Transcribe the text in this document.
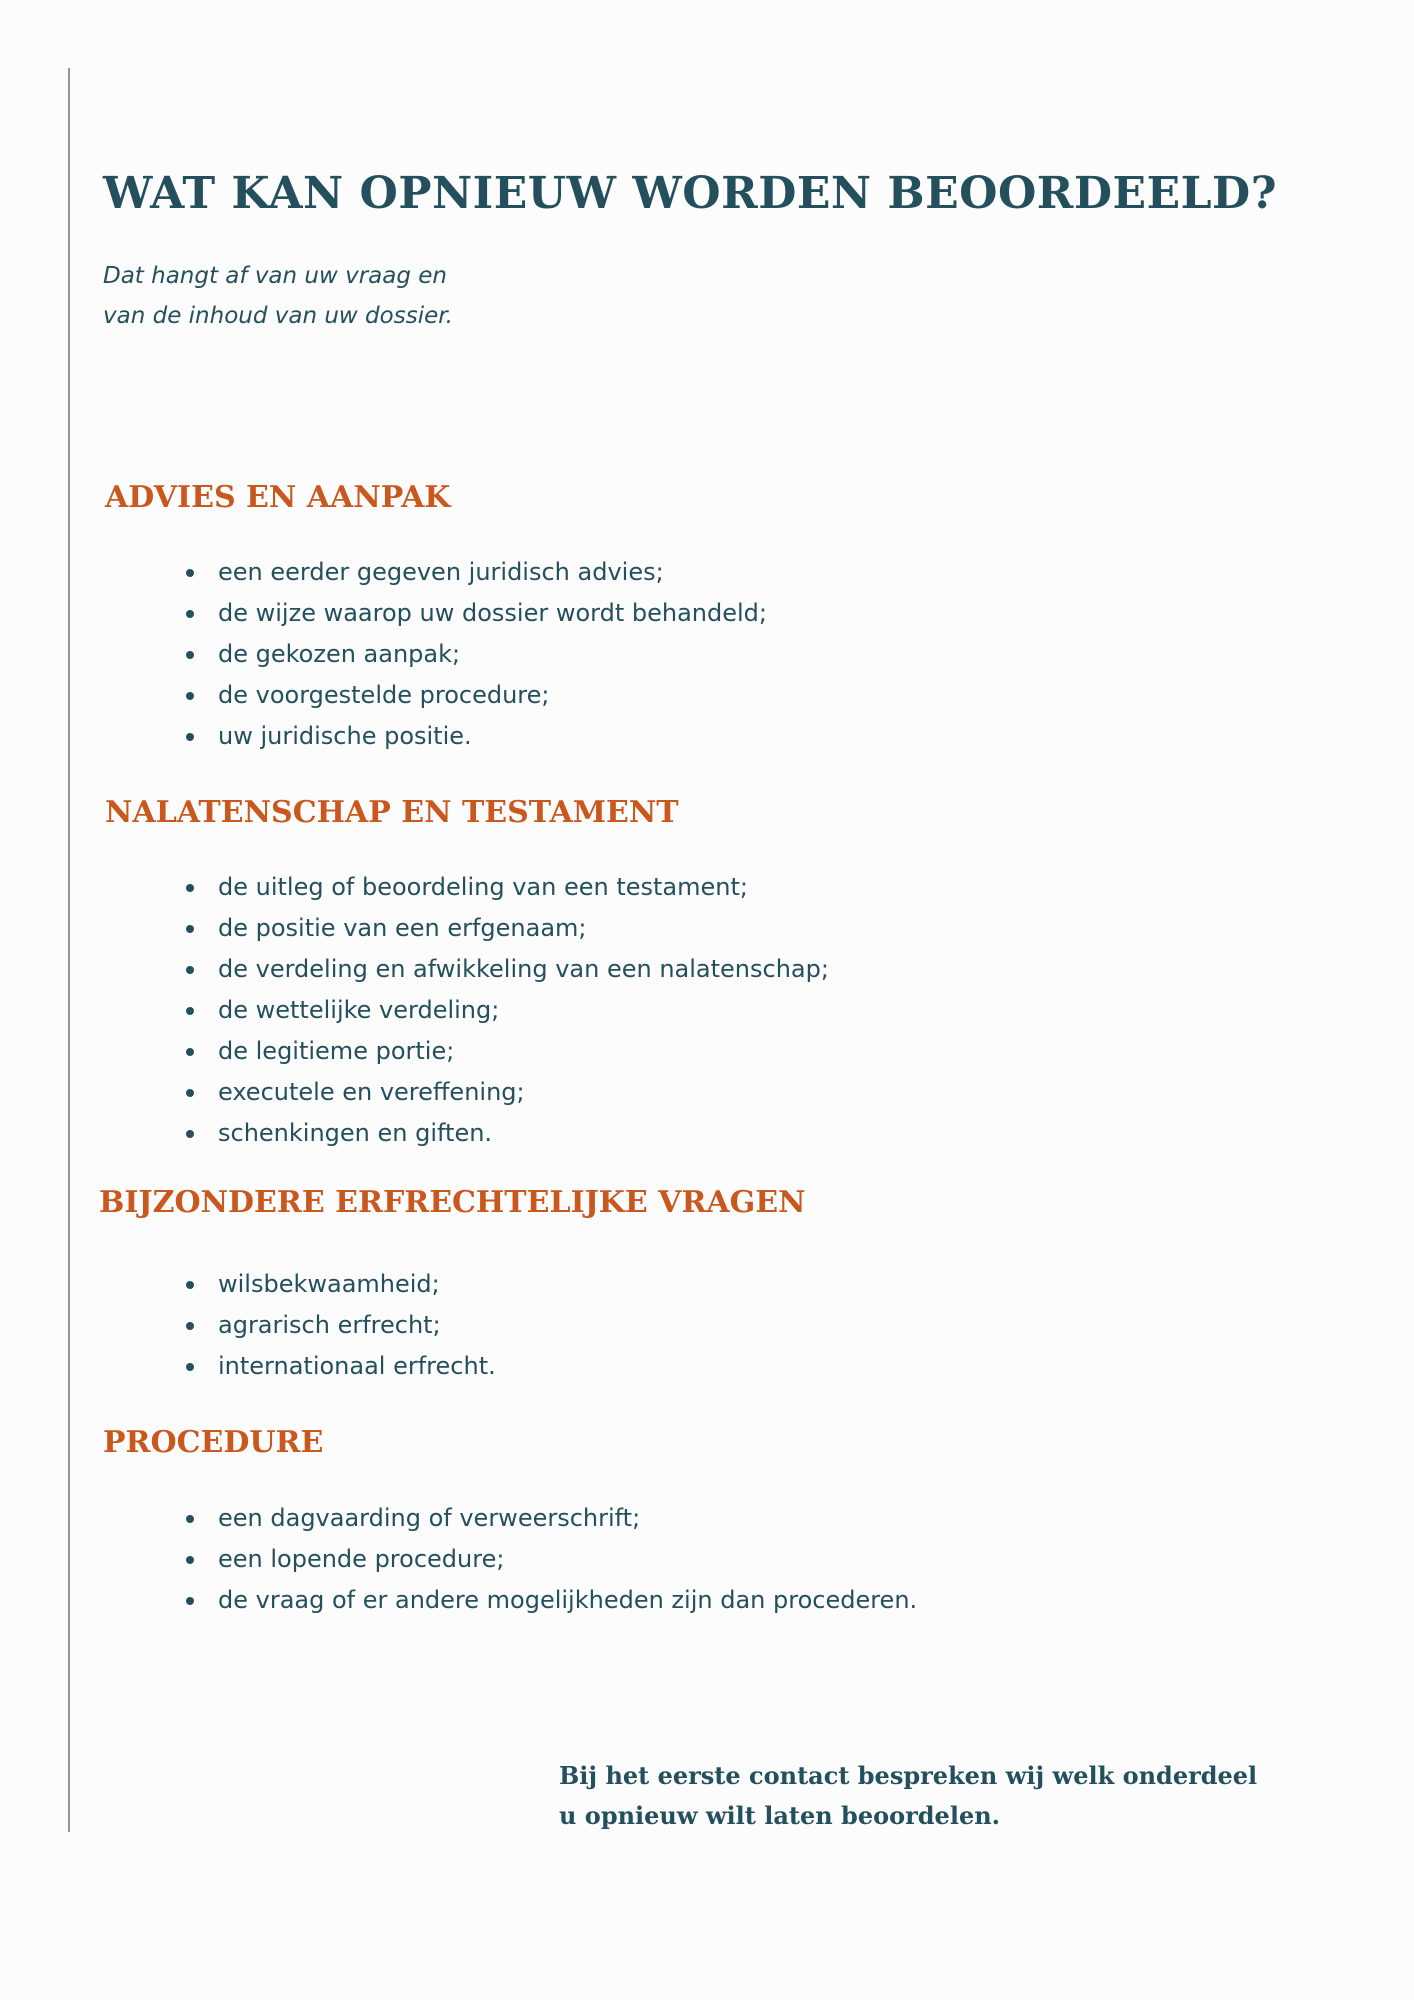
WAT KAN OPNIEUW WORDEN BEOORDEELD?

Dat hangt af van uw vraag en
van de inhoud van uw dossier.

ADVIES EN AANPAK
een eerder gegeven juridisch advies;
de wijze waarop uw dossier wordt behandeld;
de gekozen aanpak;
de voorgestelde procedure;
uw juridische positie.
NALATENSCHAP EN TESTAMENT
de uitleg of beoordeling van een testament;
de positie van een erfgenaam;
de verdeling en afwikkeling van een nalatenschap;
de wettelijke verdeling;
de legitieme portie;
executele en vereffening;
schenkingen en giften.
BIJZONDERE ERFRECHTELIJKE VRAGEN
wilsbekwaamheid;
agrarisch erfrecht;
internationaal erfrecht.
PROCEDURE
een dagvaarding of verweerschrift;
een lopende procedure;
de vraag of er andere mogelijkheden zijn dan procederen.

Bij het eerste contact bespreken wij welk onderdeel
u opnieuw wilt laten beoordelen.
